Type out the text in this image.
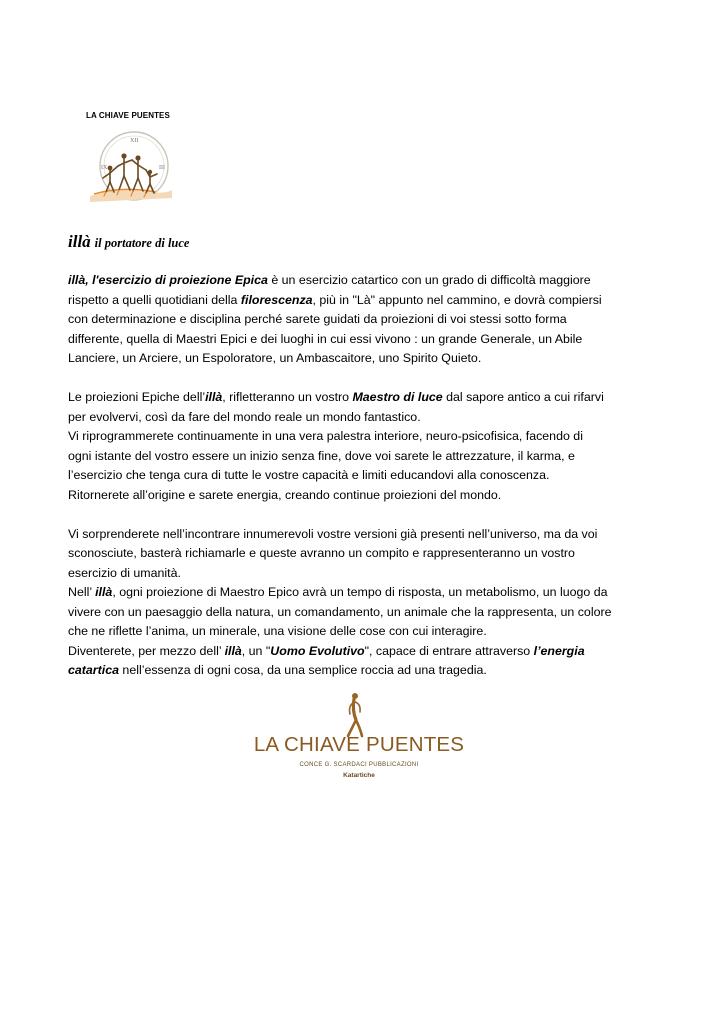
LA CHIAVE PUENTES
XII
IX	III
illà il portatore di luce
illà, l'esercizio di proiezione Epica è un esercizio catartico con un grado di difficoltà maggiore
rispetto a quelli quotidiani della filorescenza, più in "Là" appunto nel cammino, e dovrà compiersi
con determinazione e disciplina perché sarete guidati da proiezioni di voi stessi sotto forma
differente, quella di Maestri Epici e dei luoghi in cui essi vivono : un grande Generale, un Abile
Lanciere, un Arciere, un Espoloratore, un Ambascaitore, uno Spirito Quieto.
Le proiezioni Epiche dell’illà, rifletteranno un vostro Maestro di luce dal sapore antico a cui rifarvi
per evolvervi, così da fare del mondo reale un mondo fantastico.
Vi riprogrammerete continuamente in una vera palestra interiore, neuro-psicofisica, facendo di
ogni istante del vostro essere un inizio senza fine, dove voi sarete le attrezzature, il karma, e
l’esercizio che tenga cura di tutte le vostre capacità e limiti educandovi alla conoscenza.
Ritornerete all’origine e sarete energia, creando continue proiezioni del mondo.
Vi sorprenderete nell’incontrare innumerevoli vostre versioni già presenti nell’universo, ma da voi
sconosciute, basterà richiamarle e queste avranno un compito e rappresenteranno un vostro
esercizio di umanità.
Nell’ illà, ogni proiezione di Maestro Epico avrà un tempo di risposta, un metabolismo, un luogo da
vivere con un paesaggio della natura, un comandamento, un animale che la rappresenta, un colore
che ne riflette l’anima, un minerale, una visione delle cose con cui interagire.
Diventerete, per mezzo dell’ illà, un "Uomo Evolutivo", capace di entrare attraverso l’energia
catartica nell’essenza di ogni cosa, da una semplice roccia ad una tragedia.
LA CHIAVE PUENTES
CONCE G. SCARDACI PUBBLICAZIONI
Katartiche
